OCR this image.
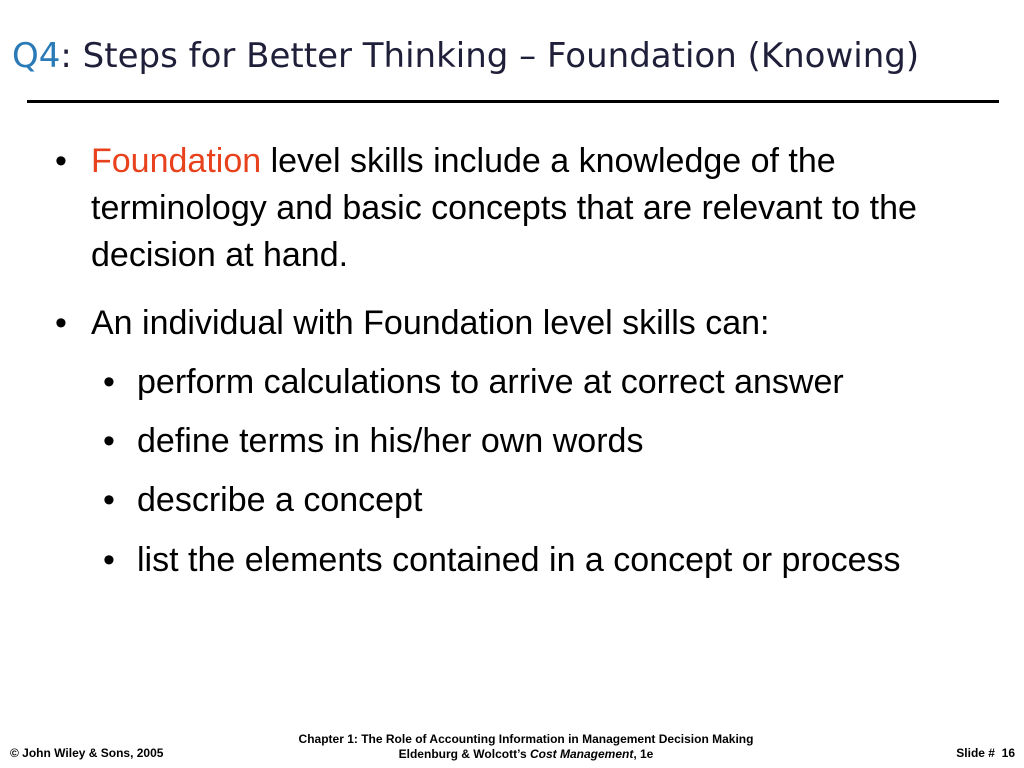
Q4: Steps for Better Thinking – Foundation (Knowing)
• Foundation level skills include a knowledge of the terminology and basic concepts that are relevant to the decision at hand.
• An individual with Foundation level skills can:
• perform calculations to arrive at correct answer
• define terms in his/her own words
• describe a concept
• list the elements contained in a concept or process
© John Wiley & Sons, 2005
Chapter 1: The Role of Accounting Information in Management Decision Making
Eldenburg & Wolcott’s Cost Management, 1e	Slide #  16
